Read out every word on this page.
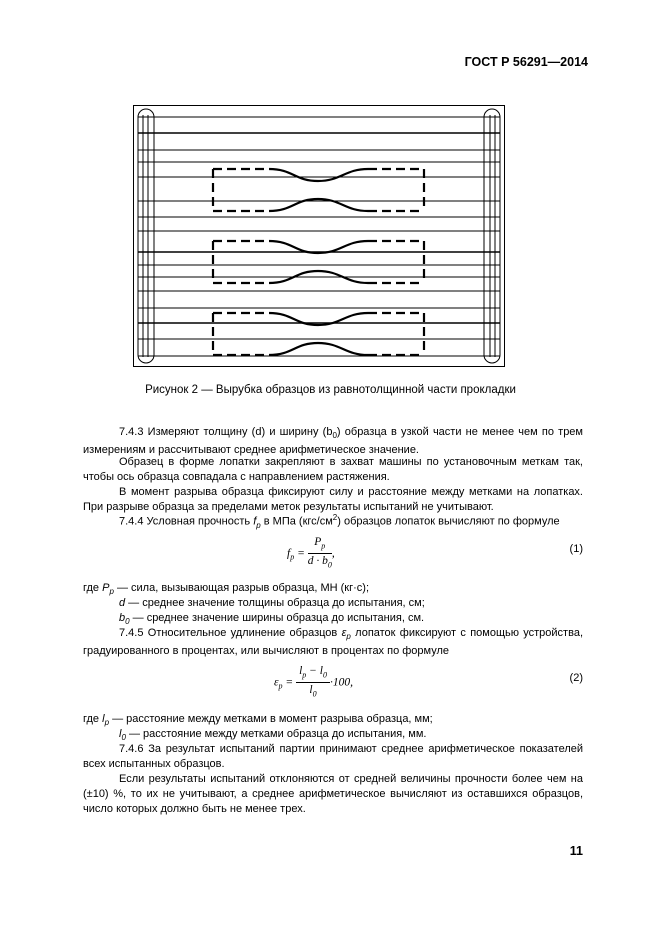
ГОСТ Р 56291—2014
Рисунок 2 — Вырубка образцов из равнотолщинной части прокладки
7.4.3 Измеряют толщину (d) и ширину $(b_0)$ образца в узкой части не менее чем по трем измерениям и рассчитывают среднее арифметическое значение.
Образец в форме лопатки закрепляют в захват машины по установочным меткам так, чтобы ось образца совпадала с направлением растяжения.
В момент разрыва образца фиксируют силу и расстояние между метками на лопатках. При разрыве образца за пределами меток результаты испытаний не учитывают.
7.4.4 Условная прочность $f_p$ в МПа $(кгс/см^2)$ образцов лопаток вычисляют по формуле
$f_p = \frac{P_p}{d \cdot b_0}$ ,	(1)
где $P_p$ — сила, вызывающая разрыв образца, МН (кг·с);
d — среднее значение толщины образца до испытания, см;
$b_0$ — среднее значение ширины образца до испытания, см.
7.4.5 Относительное удлинение образцов $\varepsilon_p$ лопаток фиксируют с помощью устройства, градуированного в процентах, или вычисляют в процентах по формуле
$\varepsilon_p = \frac{l_p - l_0}{l_0} \cdot 100$,	(2)
где $l_p$ — расстояние между метками в момент разрыва образца, мм;
$l_0$ — расстояние между метками образца до испытания, мм.
7.4.6 За результат испытаний партии принимают среднее арифметическое показателей всех испытанных образцов.
Если результаты испытаний отклоняются от средней величины прочности более чем на (±10) %, то их не учитывают, а среднее арифметическое вычисляют из оставшихся образцов, число которых должно быть не менее трех.
11
